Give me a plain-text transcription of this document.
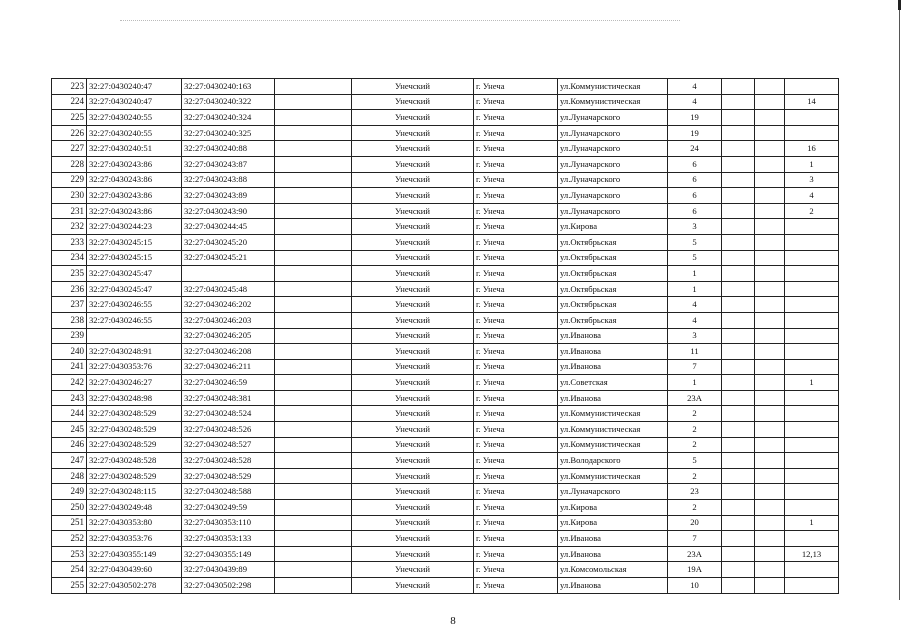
223	32:27:0430240:47	32:27:0430240:163		Унечский	г. Унеча	ул.Коммунистическая	4			
224	32:27:0430240:47	32:27:0430240:322		Унечский	г. Унеча	ул.Коммунистическая	4			14
225	32:27:0430240:55	32:27:0430240:324		Унечский	г. Унеча	ул.Луначарского	19			
226	32:27:0430240:55	32:27:0430240:325		Унечский	г. Унеча	ул.Луначарского	19			
227	32:27:0430240:51	32:27:0430240:88		Унечский	г. Унеча	ул.Луначарского	24			16
228	32:27:0430243:86	32:27:0430243:87		Унечский	г. Унеча	ул.Луначарского	6			1
229	32:27:0430243:86	32:27:0430243:88		Унечский	г. Унеча	ул.Луначарского	6			3
230	32:27:0430243:86	32:27:0430243:89		Унечский	г. Унеча	ул.Луначарского	6			4
231	32:27:0430243:86	32:27:0430243:90		Унечский	г. Унеча	ул.Луначарского	6			2
232	32:27:0430244:23	32:27:0430244:45		Унечский	г. Унеча	ул.Кирова	3			
233	32:27:0430245:15	32:27:0430245:20		Унечский	г. Унеча	ул.Октябрьская	5			
234	32:27:0430245:15	32:27:0430245:21		Унечский	г. Унеча	ул.Октябрьская	5			
235	32:27:0430245:47			Унечский	г. Унеча	ул.Октябрьская	1			
236	32:27:0430245:47	32:27:0430245:48		Унечский	г. Унеча	ул.Октябрьская	1			
237	32:27:0430246:55	32:27:0430246:202		Унечский	г. Унеча	ул.Октябрьская	4			
238	32:27:0430246:55	32:27:0430246:203		Унечский	г. Унеча	ул.Октябрьская	4			
239		32:27:0430246:205		Унечский	г. Унеча	ул.Иванова	3			
240	32:27:0430248:91	32:27:0430246:208		Унечский	г. Унеча	ул.Иванова	11			
241	32:27:0430353:76	32:27:0430246:211		Унечский	г. Унеча	ул.Иванова	7			
242	32:27:0430246:27	32:27:0430246:59		Унечский	г. Унеча	ул.Советская	1			1
243	32:27:0430248:98	32:27:0430248:381		Унечский	г. Унеча	ул.Иванова	23А			
244	32:27:0430248:529	32:27:0430248:524		Унечский	г. Унеча	ул.Коммунистическая	2			
245	32:27:0430248:529	32:27:0430248:526		Унечский	г. Унеча	ул.Коммунистическая	2			
246	32:27:0430248:529	32:27:0430248:527		Унечский	г. Унеча	ул.Коммунистическая	2			
247	32:27:0430248:528	32:27:0430248:528		Унечский	г. Унеча	ул.Володарского	5			
248	32:27:0430248:529	32:27:0430248:529		Унечский	г. Унеча	ул.Коммунистическая	2			
249	32:27:0430248:115	32:27:0430248:588		Унечский	г. Унеча	ул.Луначарского	23			
250	32:27:0430249:48	32:27:0430249:59		Унечский	г. Унеча	ул.Кирова	2			
251	32:27:0430353:80	32:27:0430353:110		Унечский	г. Унеча	ул.Кирова	20			1
252	32:27:0430353:76	32:27:0430353:133		Унечский	г. Унеча	ул.Иванова	7			
253	32:27:0430355:149	32:27:0430355:149		Унечский	г. Унеча	ул.Иванова	23А			12,13
254	32:27:0430439:60	32:27:0430439:89		Унечский	г. Унеча	ул.Комсомольская	19А			
255	32:27:0430502:278	32:27:0430502:298		Унечский	г. Унеча	ул.Иванова	10			
8
